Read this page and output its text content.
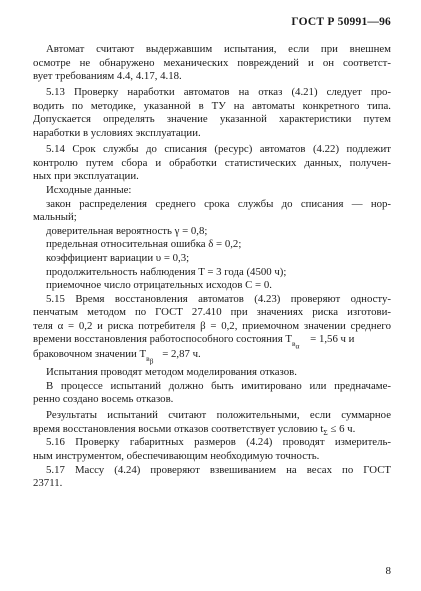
ГОСТ Р 50991—96
Автомат считают выдержавшим испытания, если при внешнем
осмотре не обнаружено механических повреждений и он соответст-
вует требованиям 4.4, 4.17, 4.18.
5.13 Проверку наработки автоматов на отказ (4.21) следует про-
водить по методике, указанной в ТУ на автоматы конкретного типа.
Допускается определять значение указанной характеристики путем
наработки в условиях эксплуатации.
5.14 Срок службы до списания (ресурс) автоматов (4.22) подлежит
контролю путем сбора и обработки статистических данных, получен-
ных при эксплуатации.
Исходные данные:
закон распределения среднего срока службы до списания — нор-
мальный;
доверительная вероятность γ = 0,8;
предельная относительная ошибка δ = 0,2;
коэффициент вариации υ = 0,3;
продолжительность наблюдения T = 3 года (4500 ч);
приемочное число отрицательных исходов C = 0.
5.15 Время восстановления автоматов (4.23) проверяют односту-
пенчатым методом по ГОСТ 27.410 при значениях риска изготови-
теля α = 0,2 и риска потребителя β = 0,2, приемочном значении среднего
времени восстановления работоспособного состояния $T_{в_\alpha} = 1,56$ ч и
браковочном значении $T_{в_\beta} = 2,87$ ч.
Испытания проводят методом моделирования отказов.
В процессе испытаний должно быть имитировано или предначаме-
ренно создано восемь отказов.
Результаты испытаний считают положительными, если суммарное
время восстановления восьми отказов соответствует условию $t_\Sigma \le 6$ ч.
5.16 Проверку габаритных размеров (4.24) проводят измеритель-
ным инструментом, обеспечивающим необходимую точность.
5.17 Массу (4.24) проверяют взвешиванием на весах по ГОСТ
23711.
8
